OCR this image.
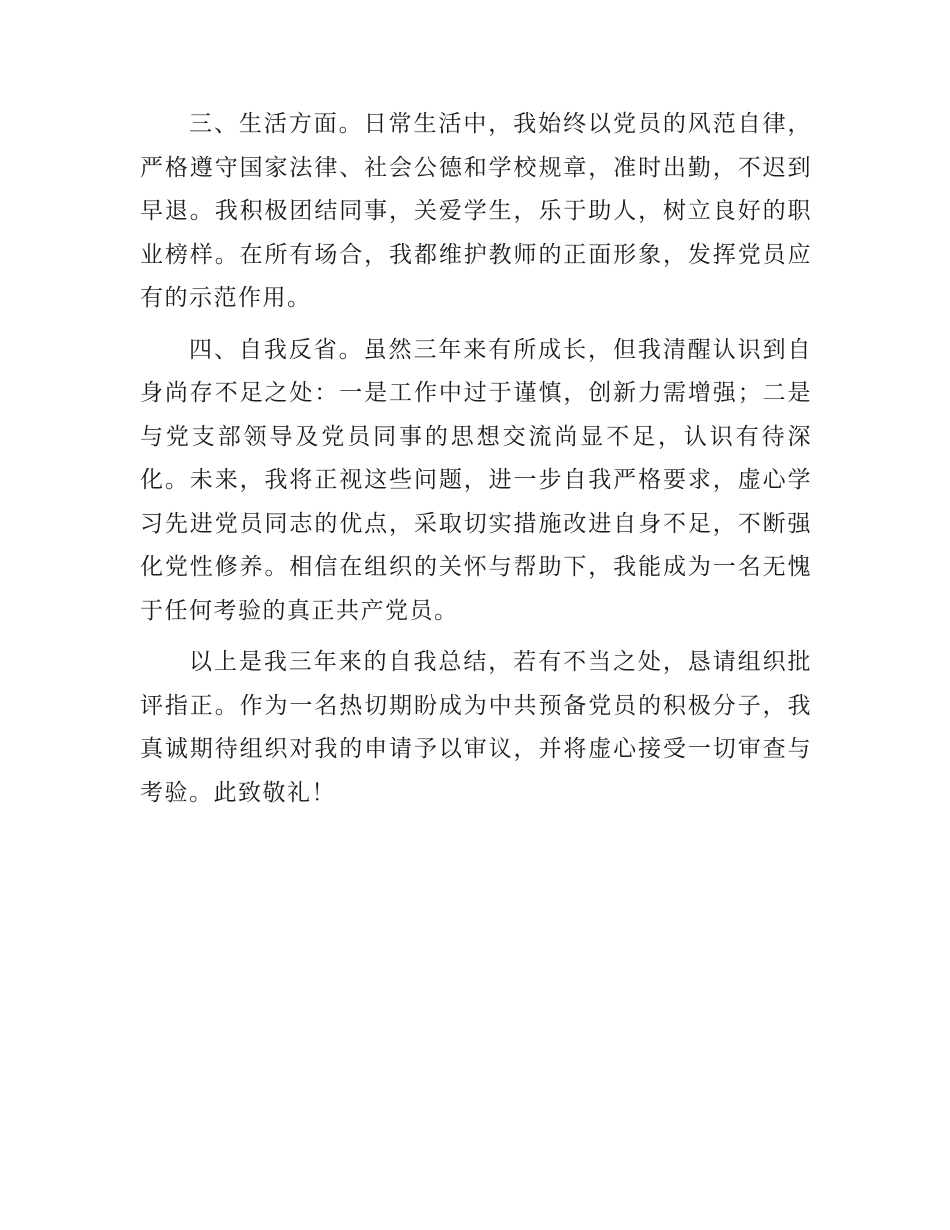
三、生活方面。日常生活中，我始终以党员的风范自律，严格遵守国家法律、社会公德和学校规章，准时出勤，不迟到早退。我积极团结同事，关爱学生，乐于助人，树立良好的职业榜样。在所有场合，我都维护教师的正面形象，发挥党员应有的示范作用。

四、自我反省。虽然三年来有所成长，但我清醒认识到自身尚存不足之处：一是工作中过于谨慎，创新力需增强；二是与党支部领导及党员同事的思想交流尚显不足，认识有待深化。未来，我将正视这些问题，进一步自我严格要求，虚心学习先进党员同志的优点，采取切实措施改进自身不足，不断强化党性修养。相信在组织的关怀与帮助下，我能成为一名无愧于任何考验的真正共产党员。

以上是我三年来的自我总结，若有不当之处，恳请组织批评指正。作为一名热切期盼成为中共预备党员的积极分子，我真诚期待组织对我的申请予以审议，并将虚心接受一切审查与考验。此致敬礼！
